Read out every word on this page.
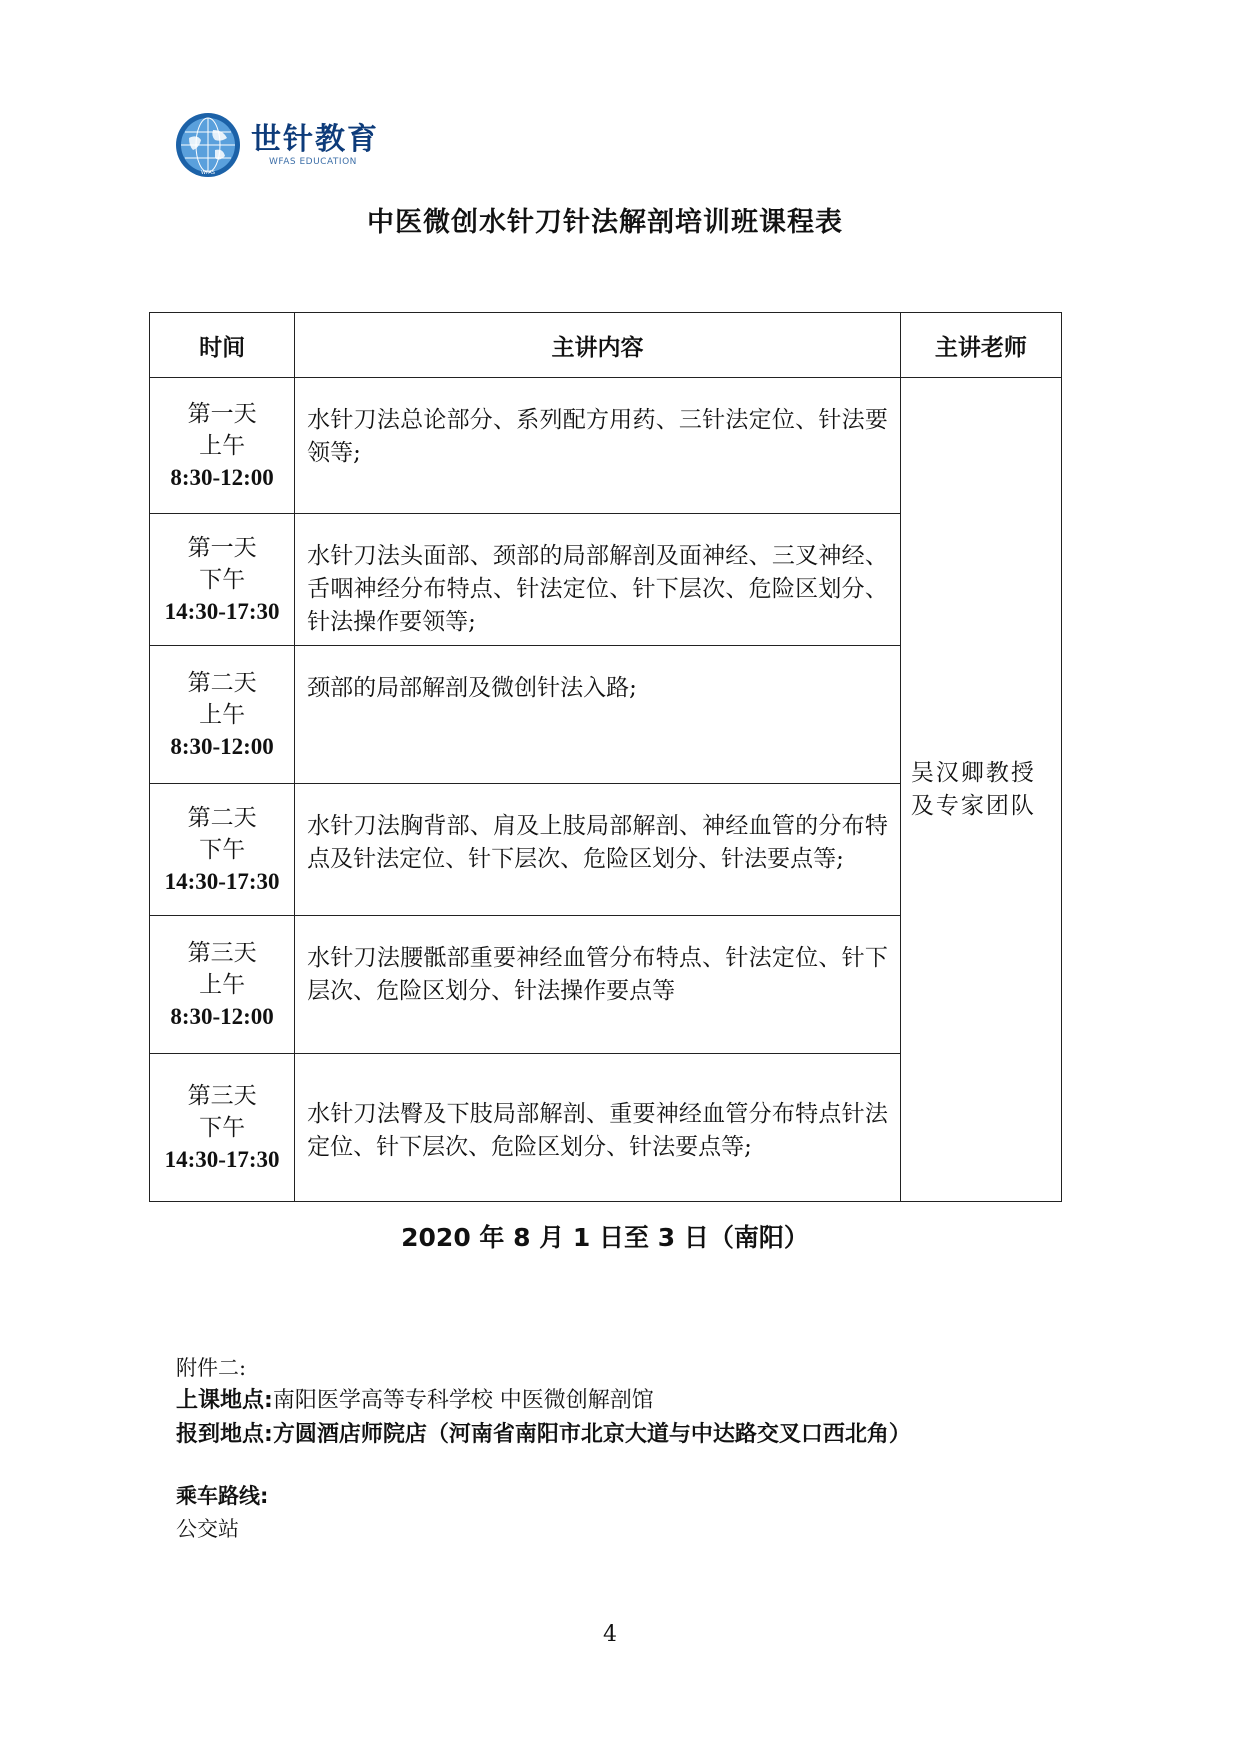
WFAS
世针教育
WFAS EDUCATION
中医微创水针刀针法解剖培训班课程表
时间	主讲内容	主讲老师
第一天
上午

8:30-12:00	水针刀法总论部分、系列配方用药、三针法定位、针法要领等;	吴汉卿教授及专家团队
第一天
下午

14:30-17:30	水针刀法头面部、颈部的局部解剖及面神经、三叉神经、舌咽神经分布特点、针法定位、针下层次、危险区划分、针法操作要领等;	
第二天
上午

8:30-12:00	颈部的局部解剖及微创针法入路;	
第二天
下午

14:30-17:30	水针刀法胸背部、肩及上肢局部解剖、神经血管的分布特点及针法定位、针下层次、危险区划分、针法要点等;	
第三天
上午

8:30-12:00	水针刀法腰骶部重要神经血管分布特点、针法定位、针下层次、危险区划分、针法操作要点等	
第三天
下午

14:30-17:30	水针刀法臀及下肢局部解剖、重要神经血管分布特点针法定位、针下层次、危险区划分、针法要点等;	
2020 年 8 月 1 日至 3 日（南阳）
附件二:
上课地点:南阳医学高等专科学校 中医微创解剖馆
报到地点:方圆酒店师院店（河南省南阳市北京大道与中达路交叉口西北角）
乘车路线:
公交站
4
